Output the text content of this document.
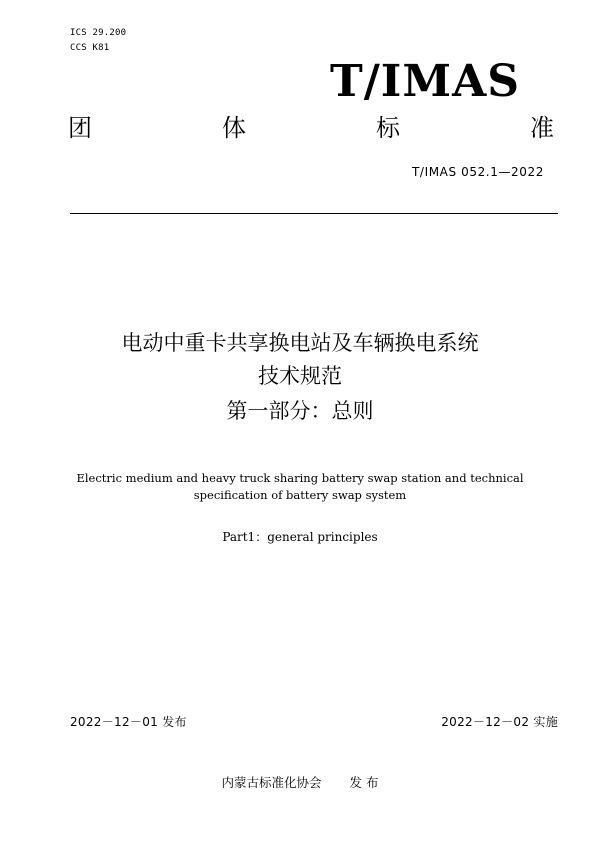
ICS 29.200
CCS K81
T/IMAS
团	体	标	准
T/IMAS 052.1—2022
电动中重卡共享换电站及车辆换电系统
技术规范
第一部分：总则
Electric medium and heavy truck sharing battery swap station and technical
specification of battery swap system
Part1：general principles
2022－12－01 发布	2022－12－02 实施
内蒙古标准化协会 发 布
